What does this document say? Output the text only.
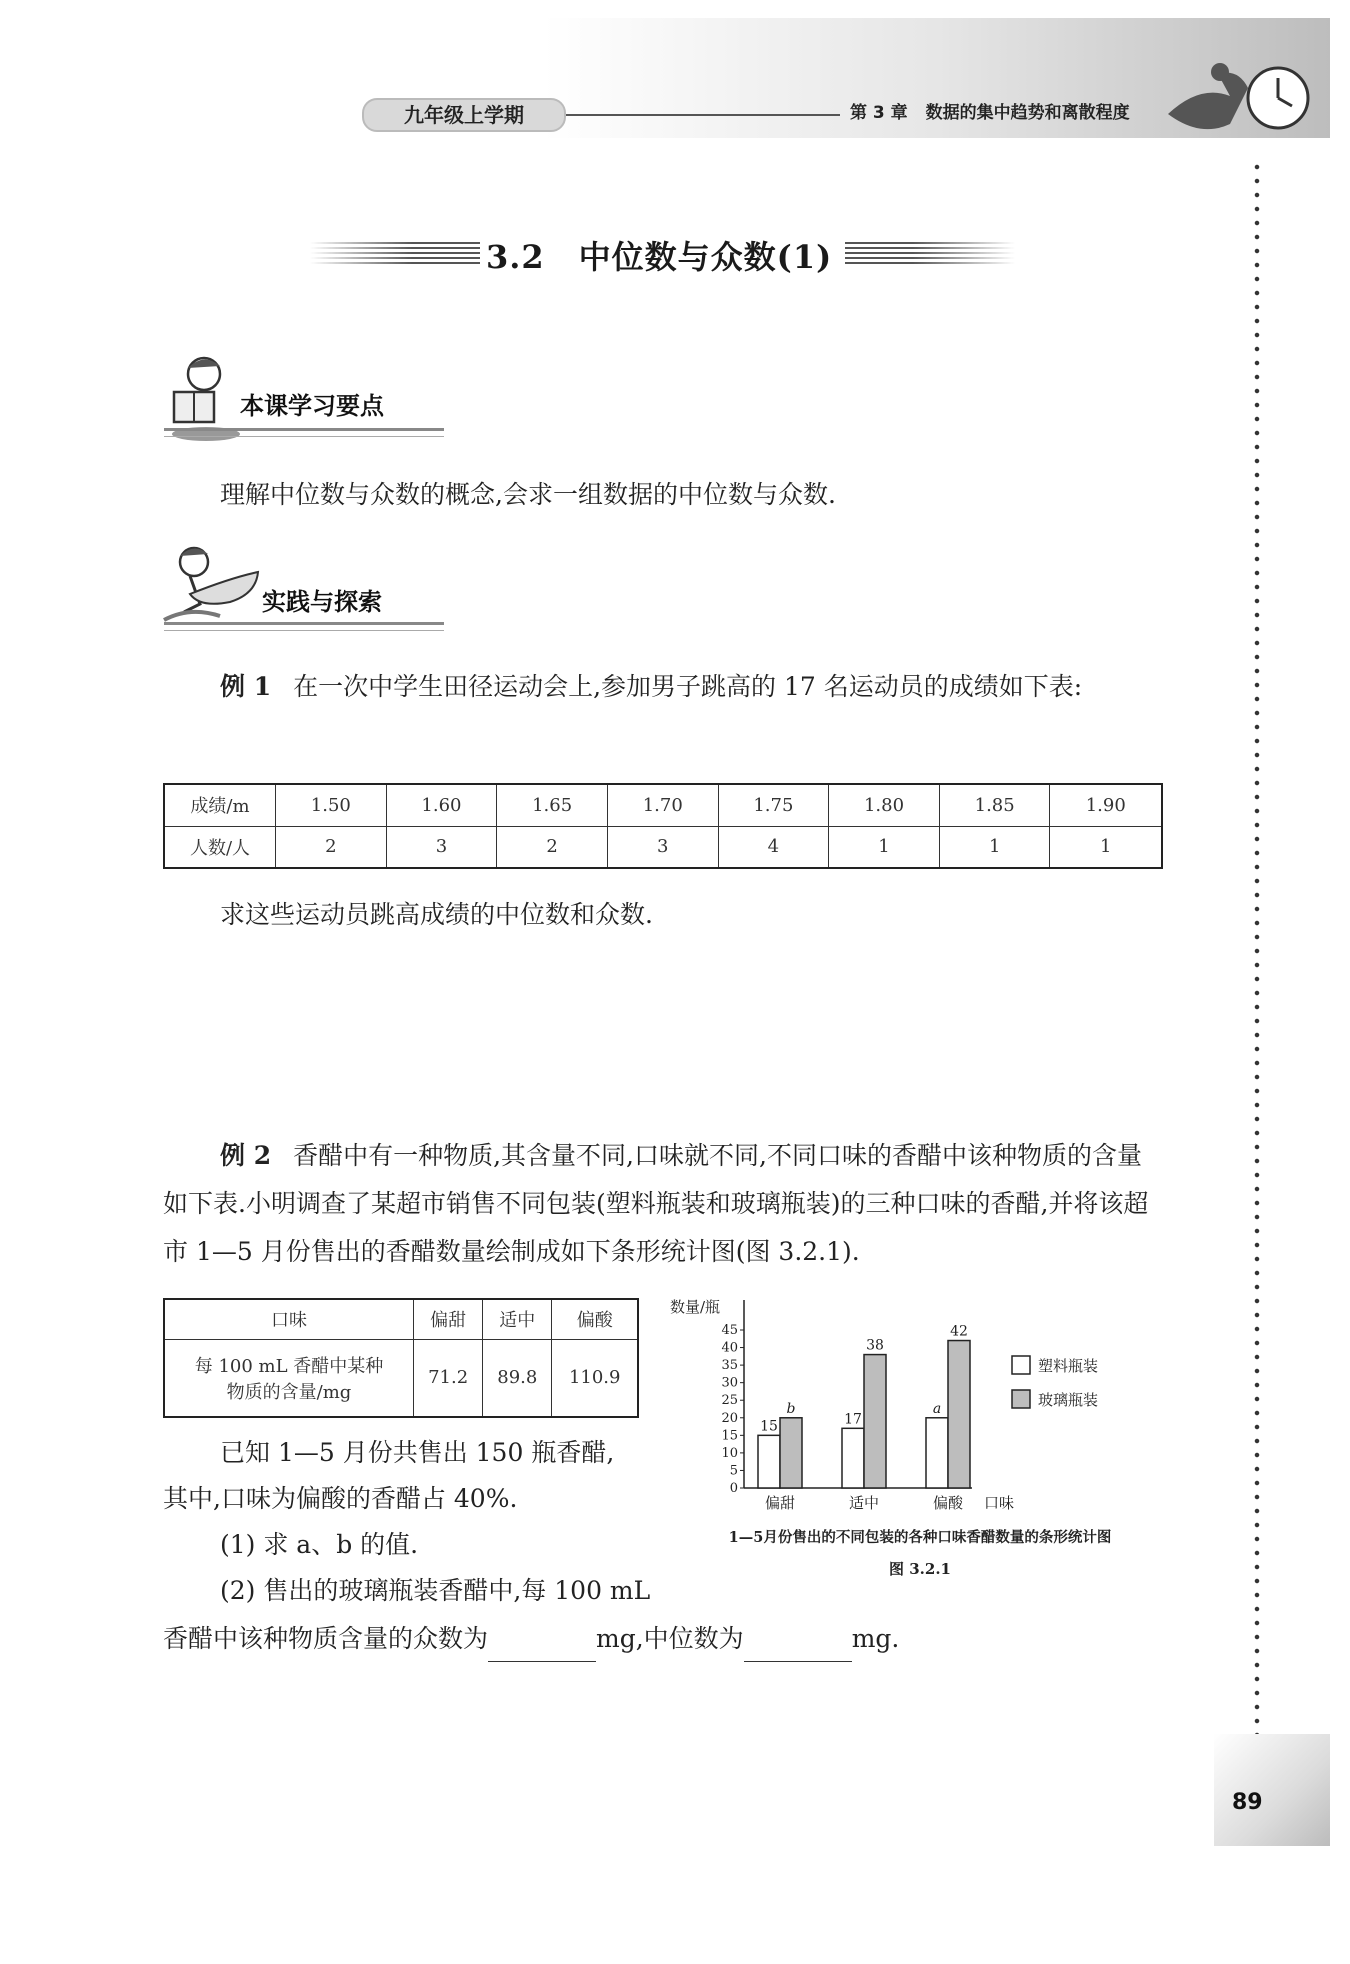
九年级上学期	第 3 章 数据的集中趋势和离散程度
3.2 中位数与众数(1)
本课学习要点
理解中位数与众数的概念,会求一组数据的中位数与众数.
实践与探索
例 1 在一次中学生田径运动会上,参加男子跳高的 17 名运动员的成绩如下表:
成绩/m	1.50	1.60	1.65	1.70	1.75	1.80	1.85	1.90
人数/人	2	3	2	3	4	1	1	1
求这些运动员跳高成绩的中位数和众数.
例 2 香醋中有一种物质,其含量不同,口味就不同,不同口味的香醋中该种物质的含量如下表.小明调查了某超市销售不同包装(塑料瓶装和玻璃瓶装)的三种口味的香醋,并将该超市 1—5 月份售出的香醋数量绘制成如下条形统计图(图 3.2.1).
口味	偏甜	适中	偏酸

每 100 mL 香醋中某种
物质的含量/mg	71.2	89.8	110.9
已知 1—5 月份共售出 150 瓶香醋,
其中,口味为偏酸的香醋占 40%.
(1) 求 a、b 的值.
(2) 售出的玻璃瓶装香醋中,每 100 mL
香醋中该种物质含量的众数为	mg,中位数为	mg.
数量/瓶
0
5
10
15
20
25
30
35
40
45
15
b
偏甜
17
38
适中
a
42
偏酸 口味
塑料瓶装
玻璃瓶装
1—5月份售出的不同包装的各种口味香醋数量的条形统计图
图 3.2.1
89
